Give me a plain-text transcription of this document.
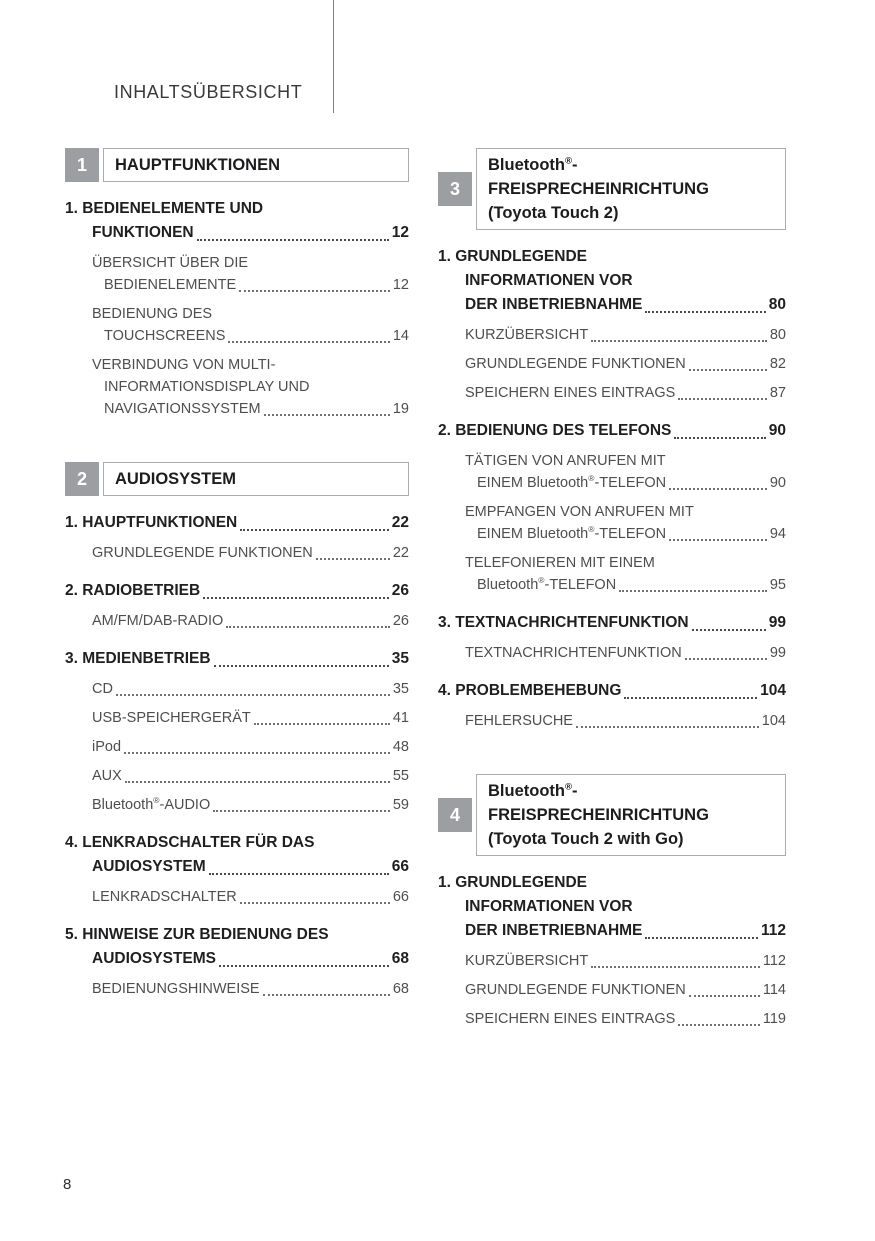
INHALTSÜBERSICHT
1	HAUPTFUNKTIONEN
1. BEDIENELEMENTE UND
FUNKTIONEN	12
ÜBERSICHT ÜBER DIE
BEDIENELEMENTE	12
BEDIENUNG DES
TOUCHSCREENS	14
VERBINDUNG VON MULTI-
INFORMATIONSDISPLAY UND
NAVIGATIONSSYSTEM	19
2	AUDIOSYSTEM
1. HAUPTFUNKTIONEN	22
GRUNDLEGENDE FUNKTIONEN	22
2. RADIOBETRIEB	26
AM/FM/DAB-RADIO	26
3. MEDIENBETRIEB	35
CD	35
USB-SPEICHERGERÄT	41
iPod	48
AUX	55
Bluetooth®-AUDIO	59
4. LENKRADSCHALTER FÜR DAS
AUDIOSYSTEM	66
LENKRADSCHALTER	66
5. HINWEISE ZUR BEDIENUNG DES
AUDIOSYSTEMS	68
BEDIENUNGSHINWEISE	68
3
Bluetooth®-
FREISPRECHEINRICHTUNG
(Toyota Touch 2)
1. GRUNDLEGENDE
INFORMATIONEN VOR
DER INBETRIEBNAHME	80
KURZÜBERSICHT	80
GRUNDLEGENDE FUNKTIONEN	82
SPEICHERN EINES EINTRAGS	87
2. BEDIENUNG DES TELEFONS	90
TÄTIGEN VON ANRUFEN MIT
EINEM Bluetooth®-TELEFON	90
EMPFANGEN VON ANRUFEN MIT
EINEM Bluetooth®-TELEFON	94
TELEFONIEREN MIT EINEM
Bluetooth®-TELEFON	95
3. TEXTNACHRICHTENFUNKTION	99
TEXTNACHRICHTENFUNKTION	99
4. PROBLEMBEHEBUNG	104
FEHLERSUCHE	104
4
Bluetooth®-
FREISPRECHEINRICHTUNG
(Toyota Touch 2 with Go)
1. GRUNDLEGENDE
INFORMATIONEN VOR
DER INBETRIEBNAHME	112
KURZÜBERSICHT	112
GRUNDLEGENDE FUNKTIONEN	114
SPEICHERN EINES EINTRAGS	119
8
